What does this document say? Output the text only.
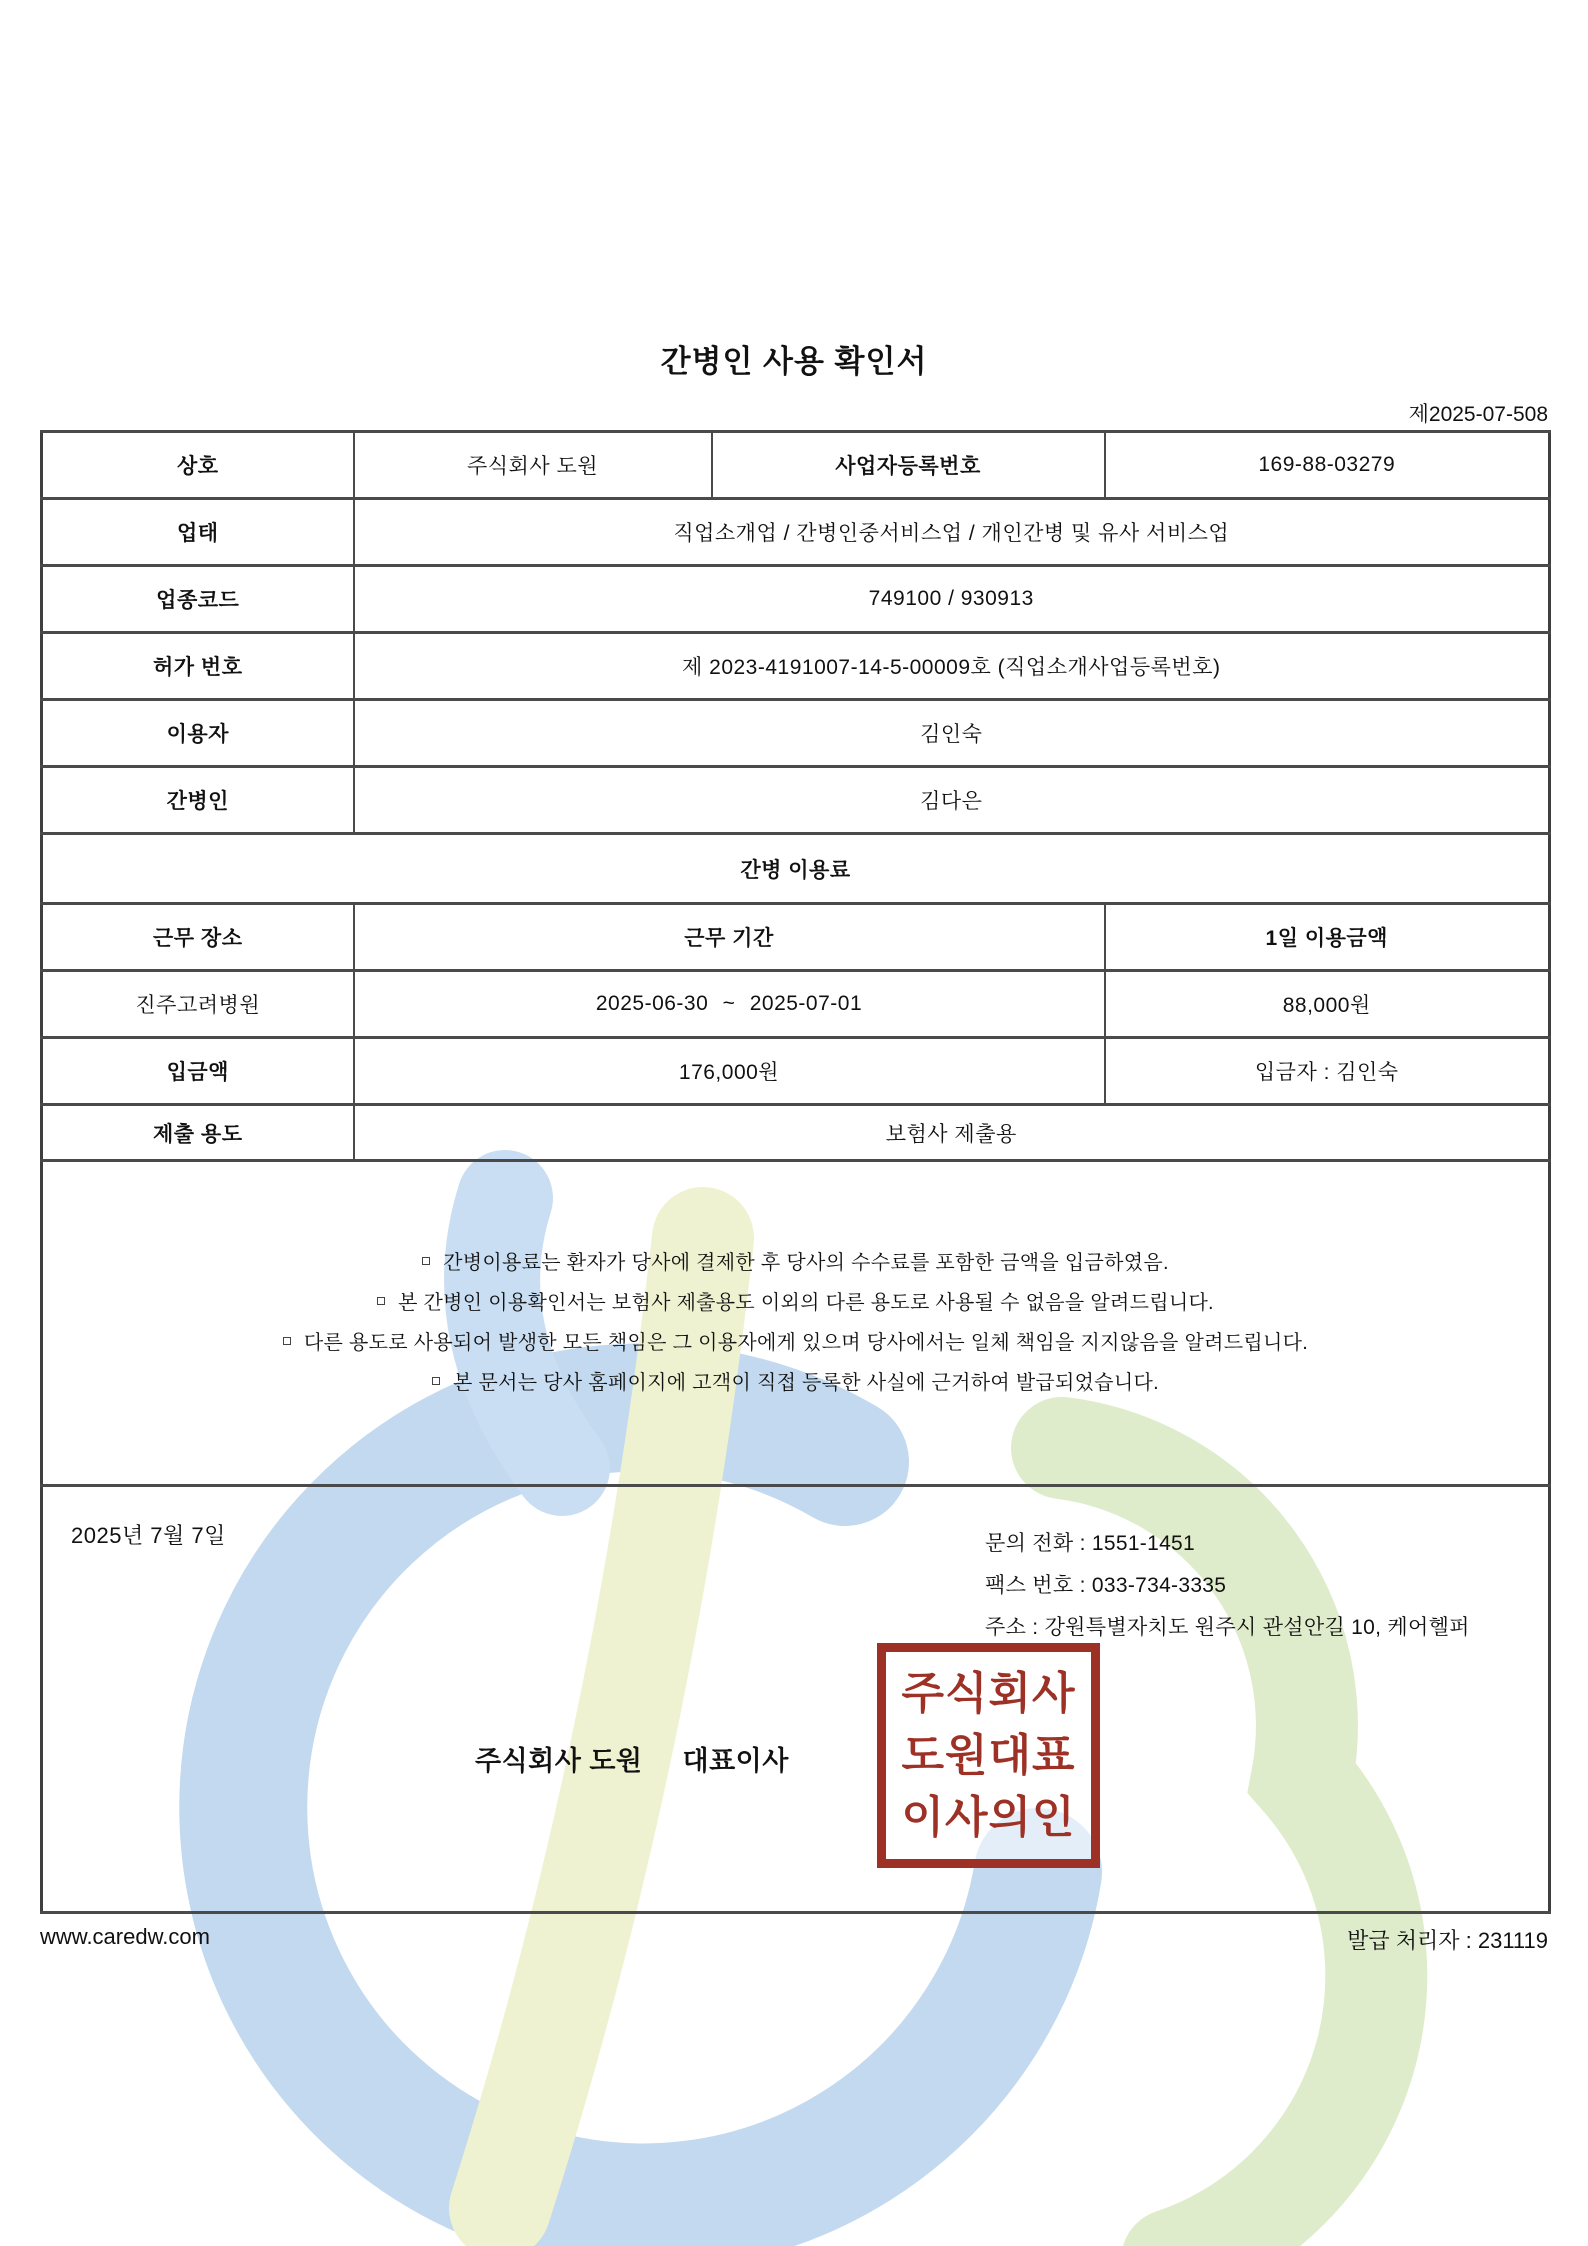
간병인 사용 확인서
제2025-07-508
상호	주식회사 도원	사업자등록번호	169-88-03279
업태	직업소개업 / 간병인중서비스업 / 개인간병 및 유사 서비스업		
업종코드	749100 / 930913		
허가 번호	제 2023-4191007-14-5-00009호 (직업소개사업등록번호)		
이용자	김인숙		
간병인	김다은		
간병 이용료			
근무 장소	근무 기간		1일 이용금액
진주고려병원	2025-06-30 ~ 2025-07-01		88,000원
입금액	176,000원		입금자 : 김인숙
제출 용도	보험사 제출용		

간병이용료는 환자가 당사에 결제한 후 당사의 수수료를 포함한 금액을 입금하였음.
본 간병인 이용확인서는 보험사 제출용도 이외의 다른 용도로 사용될 수 없음을 알려드립니다.
다른 용도로 사용되어 발생한 모든 책임은 그 이용자에게 있으며 당사에서는 일체 책임을 지지않음을 알려드립니다.
본 문서는 당사 홈페이지에 고객이 직접 등록한 사실에 근거하여 발급되었습니다.			

2025년 7월 7일	문의 전화 : 1551-1451
팩스 번호 : 033-734-3335
주소 : 강원특별자치도 원주시 관설안길 10, 케어헬퍼
주식회사 도원 대표이사
주식회사
도원대표
이사의인
www.caredw.com	발급 처리자 : 231119
